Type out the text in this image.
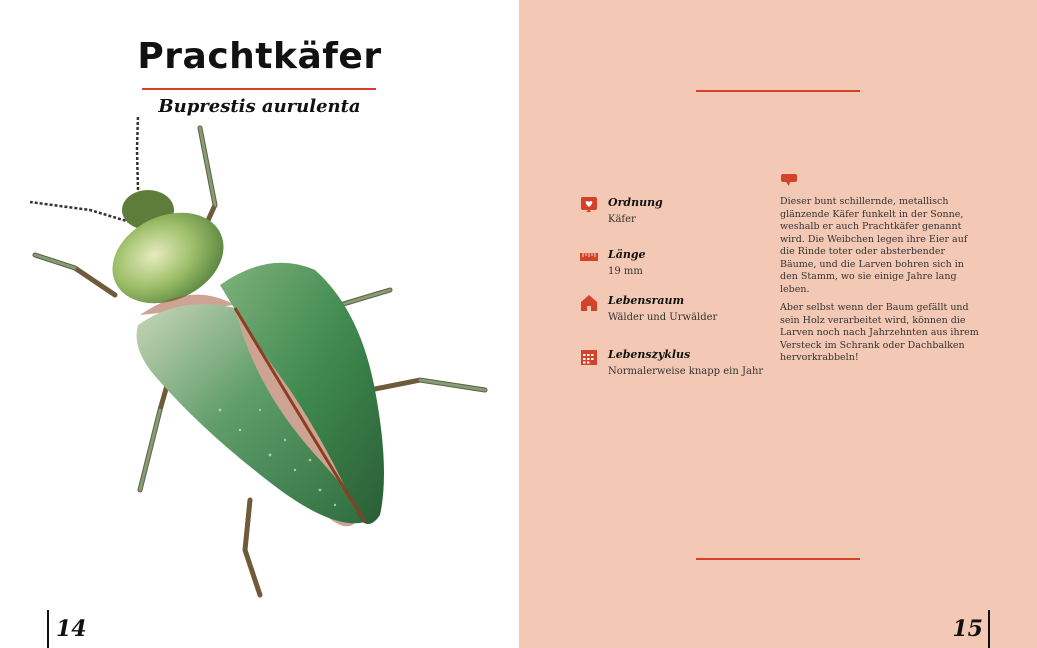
Prachtkäfer
Buprestis aurulenta
14
Ordnung
Käfer
Länge
19 mm
Lebensraum
Wälder und Urwälder
Lebenszyklus
Normalerweise knapp ein Jahr

Dieser bunt schillernde, metallisch glänzende Käfer funkelt in der Sonne, weshalb er auch Prachtkäfer genannt wird. Die Weibchen legen ihre Eier auf die Rinde toter oder absterbender Bäume, und die Larven bohren sich in den Stamm, wo sie einige Jahre lang leben.

Aber selbst wenn der Baum gefällt und sein Holz verarbeitet wird, können die Larven noch nach Jahrzehnten aus ihrem Versteck im Schrank oder Dachbalken hervorkrabbeln!

15
